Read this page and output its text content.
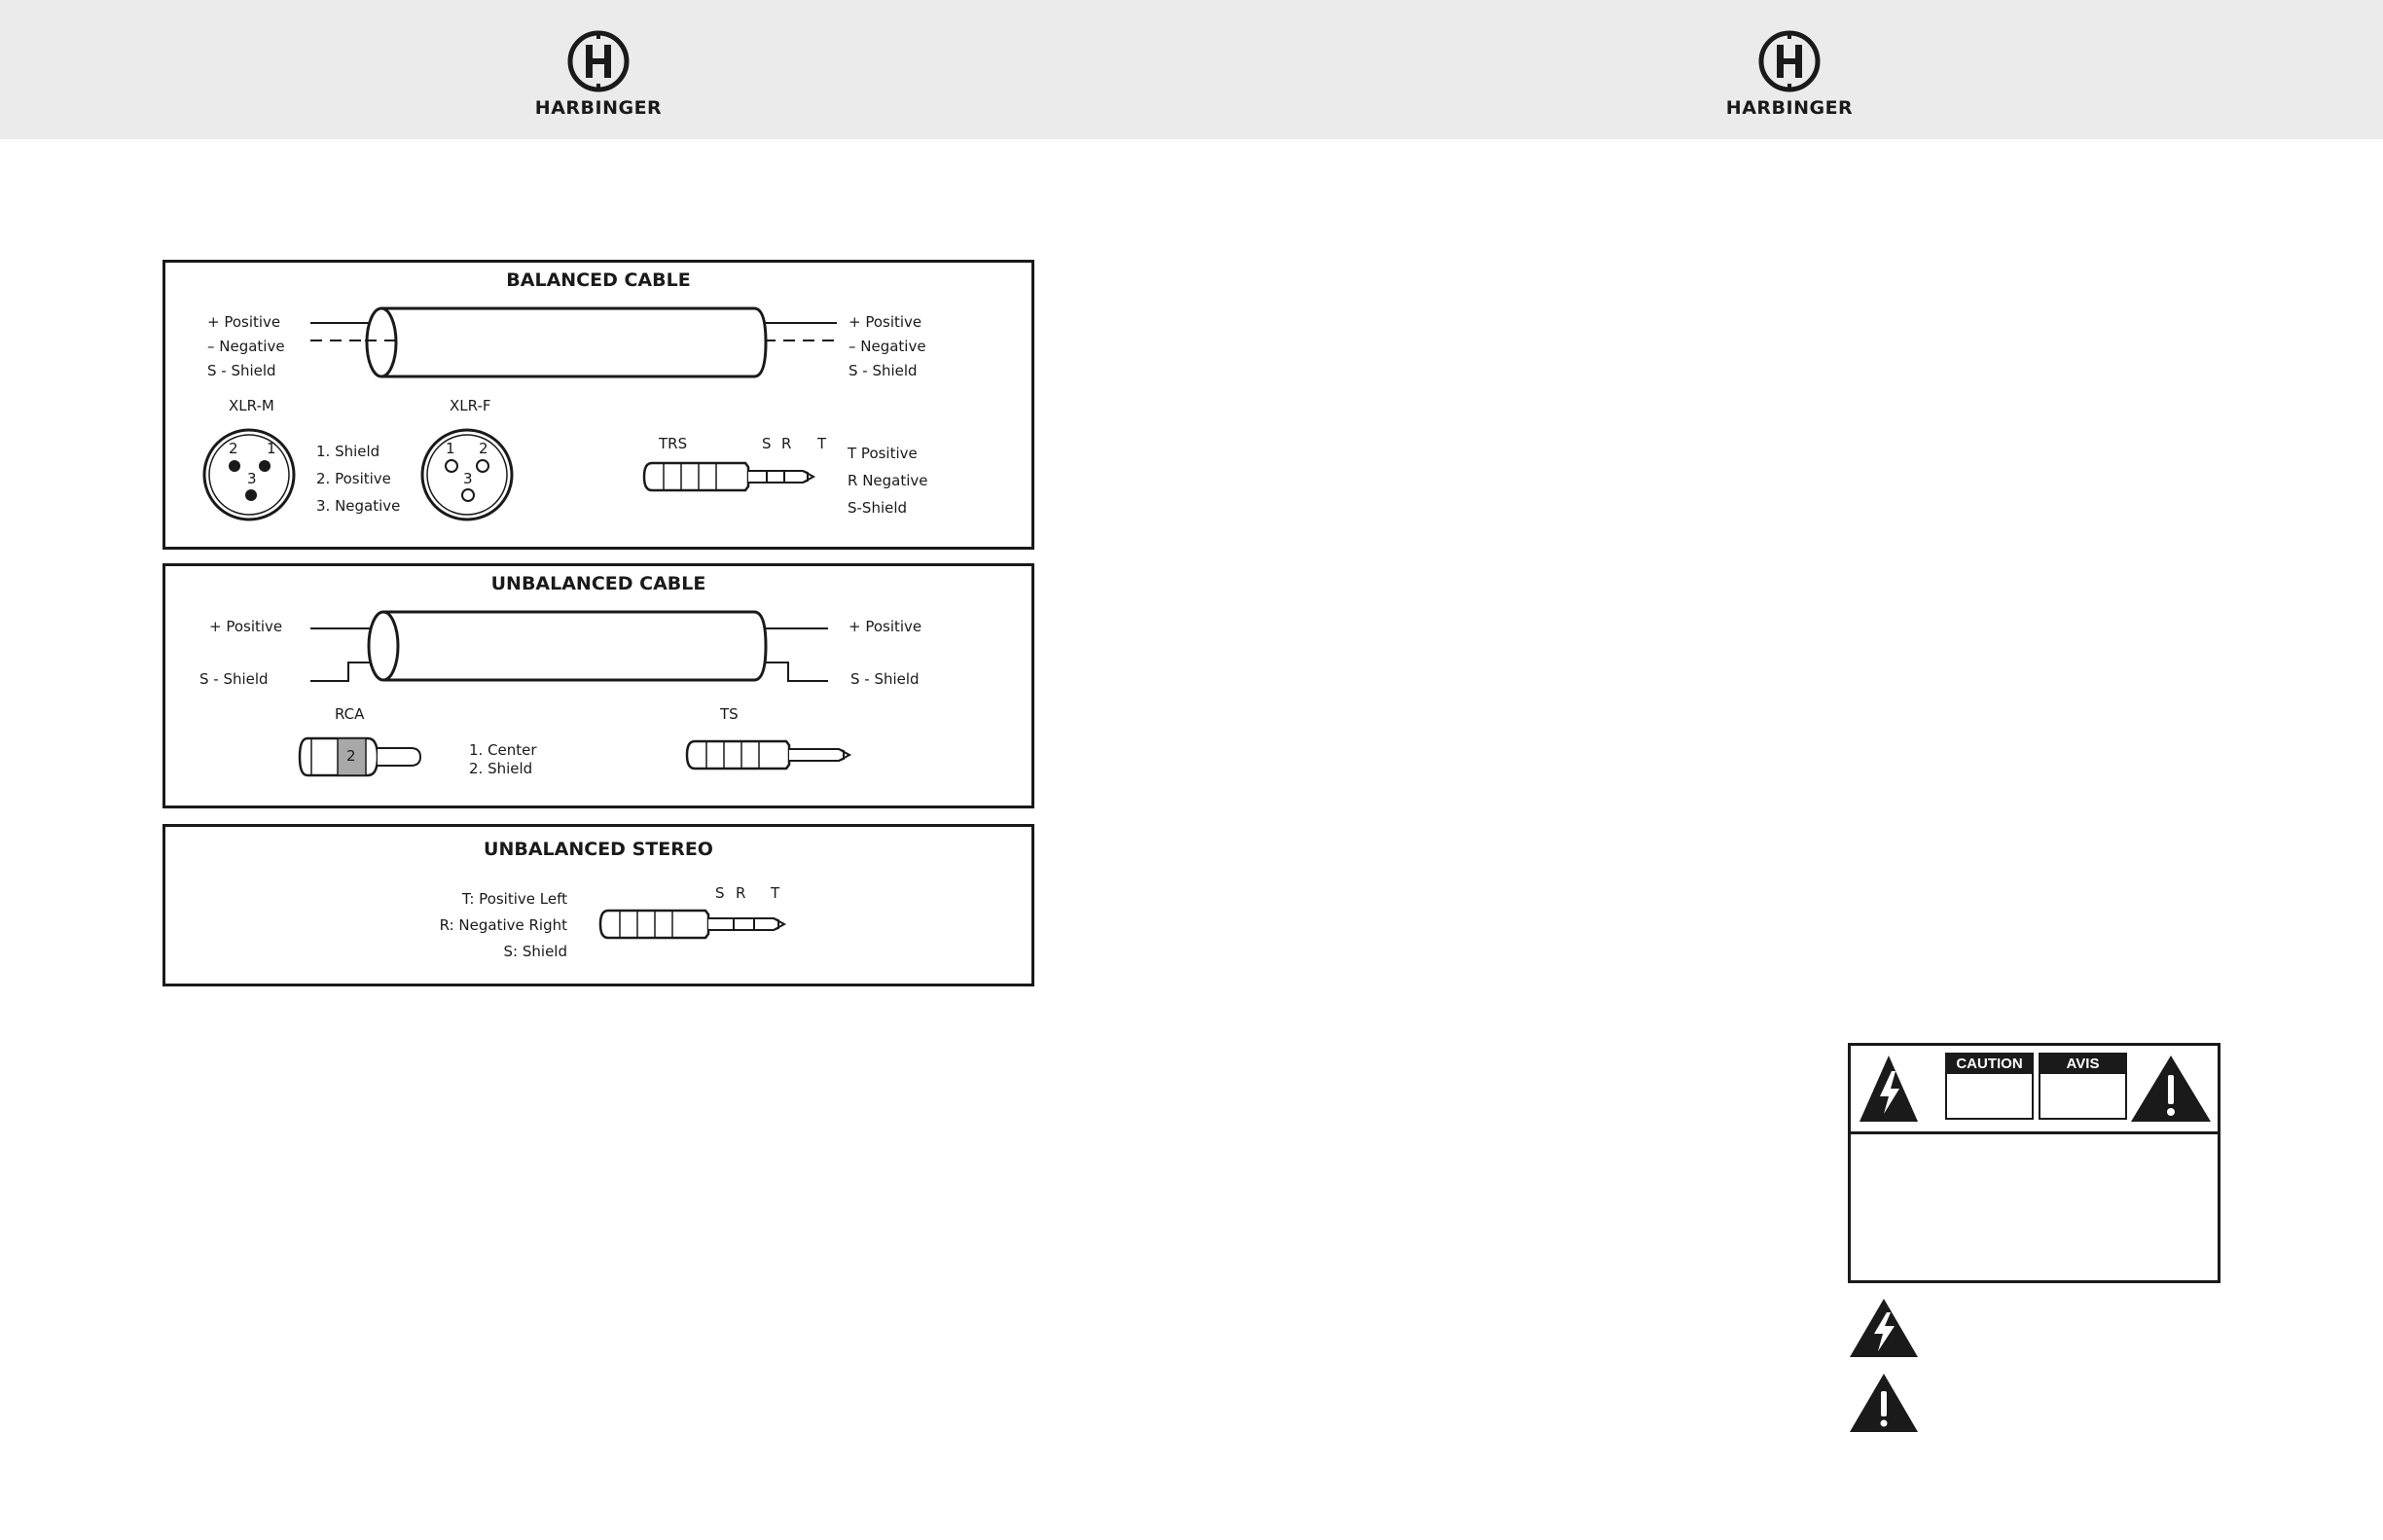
HARBINGER	HARBINGER
BALANCED CABLE
+ Positive
– Negative
S - Shield
+ Positive
– Negative
S - Shield
XLR-M	XLR-F
2 1
3
1 2
3
1. Shield
2. Positive
3. Negative
TRS	S R T
T Positive
R Negative
S-Shield
UNBALANCED CABLE
+ Positive
S - Shield
+ Positive
S - Shield
RCA
2	1. Center
2. Shield
TS
UNBALANCED STEREO
T: Positive Left
R: Negative Right
S: Shield
S R T
CAUTION	AVIS
